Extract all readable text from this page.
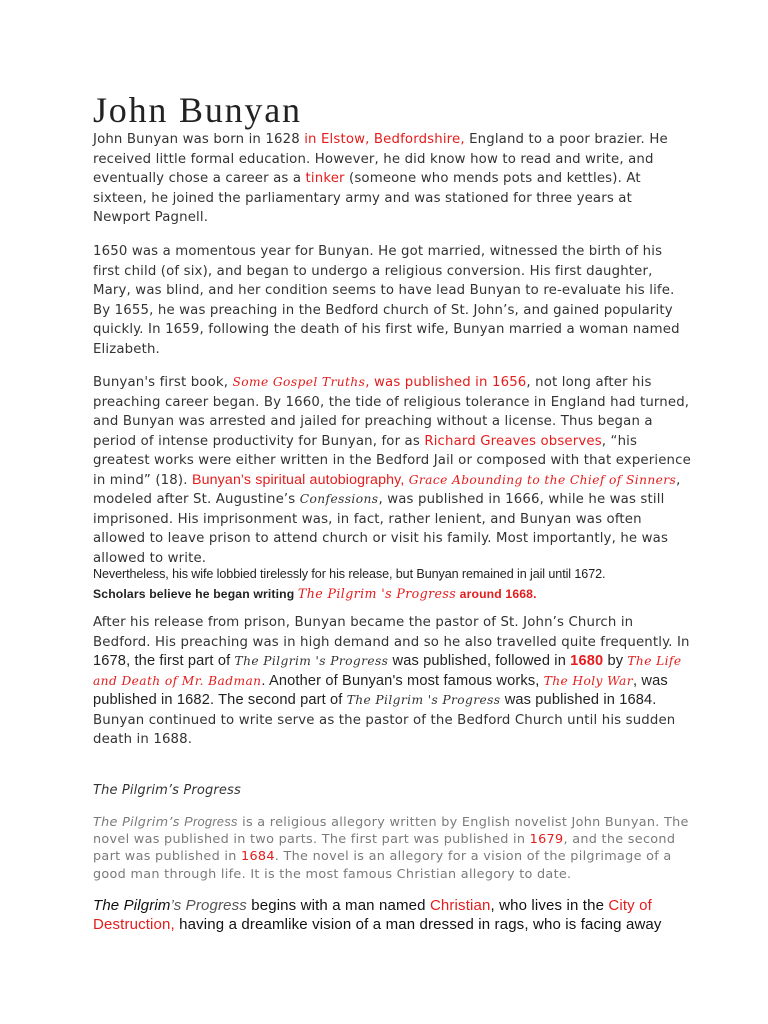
John Bunyan

John Bunyan was born in 1628 in Elstow, Bedfordshire, England to a poor brazier. He received little formal education. However, he did know how to read and write, and eventually chose a career as a tinker (someone who mends pots and kettles). At sixteen, he joined the parliamentary army and was stationed for three years at Newport Pagnell.

1650 was a momentous year for Bunyan. He got married, witnessed the birth of his first child (of six), and began to undergo a religious conversion. His first daughter, Mary, was blind, and her condition seems to have lead Bunyan to re-evaluate his life. By 1655, he was preaching in the Bedford church of St. John’s, and gained popularity quickly. In 1659, following the death of his first wife, Bunyan married a woman named Elizabeth.

Bunyan's first book, Some Gospel Truths, was published in 1656, not long after his preaching career began. By 1660, the tide of religious tolerance in England had turned, and Bunyan was arrested and jailed for preaching without a license. Thus began a period of intense productivity for Bunyan, for as Richard Greaves observes, “his greatest works were either written in the Bedford Jail or composed with that experience in mind” (18). Bunyan's spiritual autobiography, Grace Abounding to the Chief of Sinners, modeled after St. Augustine’s Confessions, was published in 1666, while he was still imprisoned. His imprisonment was, in fact, rather lenient, and Bunyan was often allowed to leave prison to attend church or visit his family. Most importantly, he was allowed to write.

Nevertheless, his wife lobbied tirelessly for his release, but Bunyan remained in jail until 1672.

Scholars believe he began writing The Pilgrim 's Progress around 1668.

After his release from prison, Bunyan became the pastor of St. John’s Church in Bedford. His preaching was in high demand and so he also travelled quite frequently. In 1678, the first part of The Pilgrim 's Progress was published, followed in 1680 by The Life and Death of Mr. Badman. Another of Bunyan's most famous works, The Holy War, was published in 1682. The second part of The Pilgrim 's Progress was published in 1684.
Bunyan continued to write serve as the pastor of the Bedford Church until his sudden death in 1688.

The Pilgrim’s Progress

The Pilgrim’s Progress is a religious allegory written by English novelist John Bunyan. The novel was published in two parts. The first part was published in 1679, and the second part was published in 1684. The novel is an allegory for a vision of the pilgrimage of a good man through life. It is the most famous Christian allegory to date.

The Pilgrim’s Progress begins with a man named Christian, who lives in the City of Destruction, having a dreamlike vision of a man dressed in rags, who is facing away
